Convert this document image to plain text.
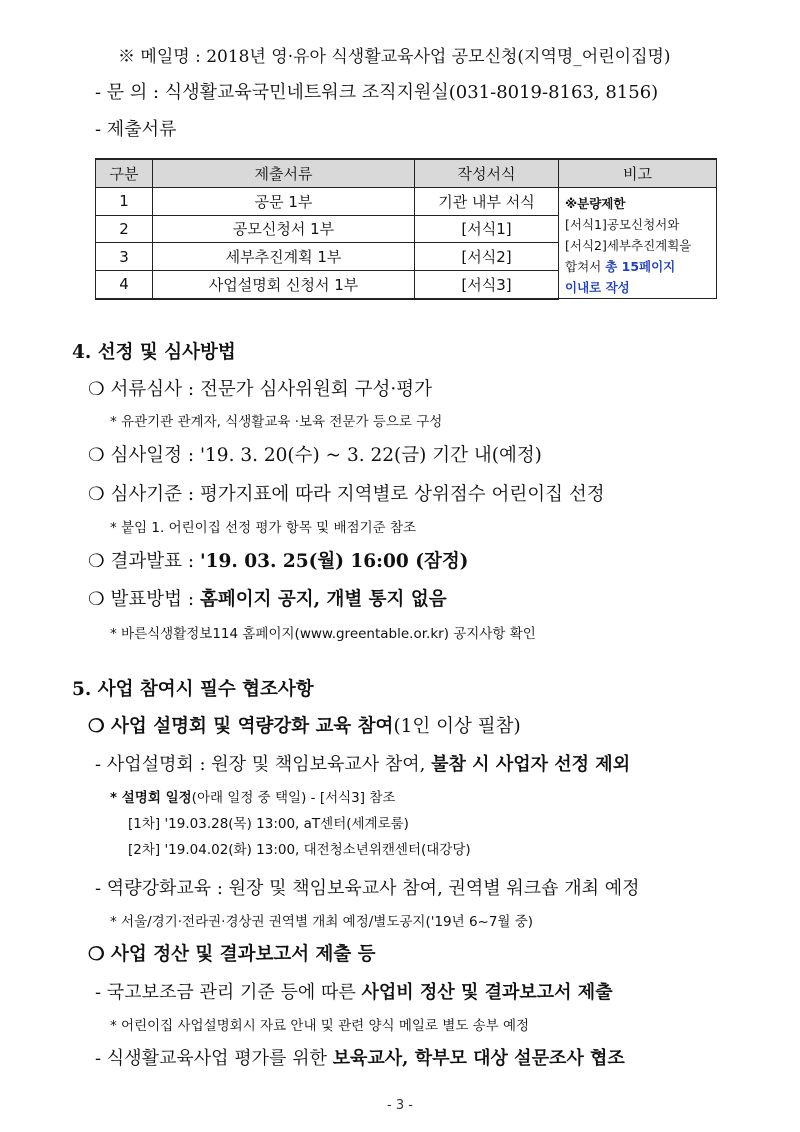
※ 메일명 : 2018년 영·유아 식생활교육사업 공모신청(지역명_어린이집명)
- 문 의 : 식생활교육국민네트워크 조직지원실(031-8019-8163, 8156)
- 제출서류
구분	제출서류	작성서식	비고
1	공문 1부	기관 내부 서식	※분량제한
[서식1]공모신청서와
[서식2]세부추진계획을
합쳐서 총 15페이지
이내로 작성

2	공모신청서 1부	[서식1]	
3	세부추진계획 1부	[서식2]	
4	사업설명회 신청서 1부	[서식3]	
4. 선정 및 심사방법
❍ 서류심사 : 전문가 심사위원회 구성·평가
* 유관기관 관계자, 식생활교육 ·보육 전문가 등으로 구성
❍ 심사일정 : '19. 3. 20(수) ~ 3. 22(금) 기간 내(예정)
❍ 심사기준 : 평가지표에 따라 지역별로 상위점수 어린이집 선정
* 붙임 1. 어린이집 선정 평가 항목 및 배점기준 참조
❍ 결과발표 : '19. 03. 25(월) 16:00 (잠정)
❍ 발표방법 : 홈페이지 공지, 개별 통지 없음
* 바른식생활정보114 홈페이지(www.greentable.or.kr) 공지사항 확인
5. 사업 참여시 필수 협조사항
❍ 사업 설명회 및 역량강화 교육 참여(1인 이상 필참)
- 사업설명회 : 원장 및 책임보육교사 참여, 불참 시 사업자 선정 제외
* 설명회 일정(아래 일정 중 택일) - [서식3] 참조
[1차] '19.03.28(목) 13:00, aT센터(세계로룸)
[2차] '19.04.02(화) 13:00, 대전청소년위캔센터(대강당)
- 역량강화교육 : 원장 및 책임보육교사 참여, 권역별 워크숍 개최 예정
* 서울/경기·전라권·경상권 권역별 개최 예정/별도공지('19년 6~7월 중)
❍ 사업 정산 및 결과보고서 제출 등
- 국고보조금 관리 기준 등에 따른 사업비 정산 및 결과보고서 제출
* 어린이집 사업설명회시 자료 안내 및 관련 양식 메일로 별도 송부 예정
- 식생활교육사업 평가를 위한 보육교사, 학부모 대상 설문조사 협조
- 3 -
